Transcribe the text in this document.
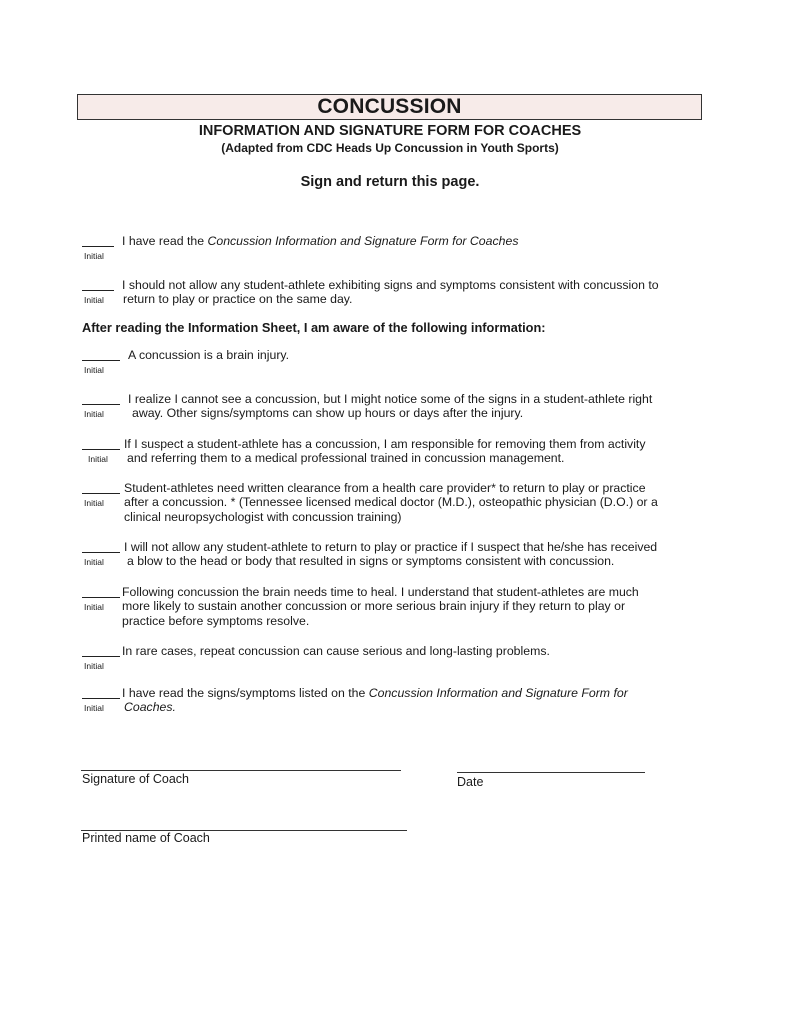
CONCUSSION
INFORMATION AND SIGNATURE FORM FOR COACHES
(Adapted from CDC Heads Up Concussion in Youth Sports)
Sign and return this page.
I have read the Concussion Information and Signature Form for Coaches
Initial
I should not allow any student-athlete exhibiting signs and symptoms consistent with concussion to
Initial return to play or practice on the same day.
After reading the Information Sheet, I am aware of the following information:
A concussion is a brain injury.
Initial
I realize I cannot see a concussion, but I might notice some of the signs in a student-athlete right
Initial away. Other signs/symptoms can show up hours or days after the injury.
If I suspect a student-athlete has a concussion, I am responsible for removing them from activity
Initial and referring them to a medical professional trained in concussion management.
Student-athletes need written clearance from a health care provider* to return to play or practice
Initial after a concussion. * (Tennessee licensed medical doctor (M.D.), osteopathic physician (D.O.) or a
clinical neuropsychologist with concussion training)
I will not allow any student-athlete to return to play or practice if I suspect that he/she has received
Initial a blow to the head or body that resulted in signs or symptoms consistent with concussion.
Following concussion the brain needs time to heal. I understand that student-athletes are much
Initial more likely to sustain another concussion or more serious brain injury if they return to play or
practice before symptoms resolve.
In rare cases, repeat concussion can cause serious and long-lasting problems.
Initial
I have read the signs/symptoms listed on the Concussion Information and Signature Form for
Initial Coaches.
Signature of Coach	Date
Printed name of Coach
